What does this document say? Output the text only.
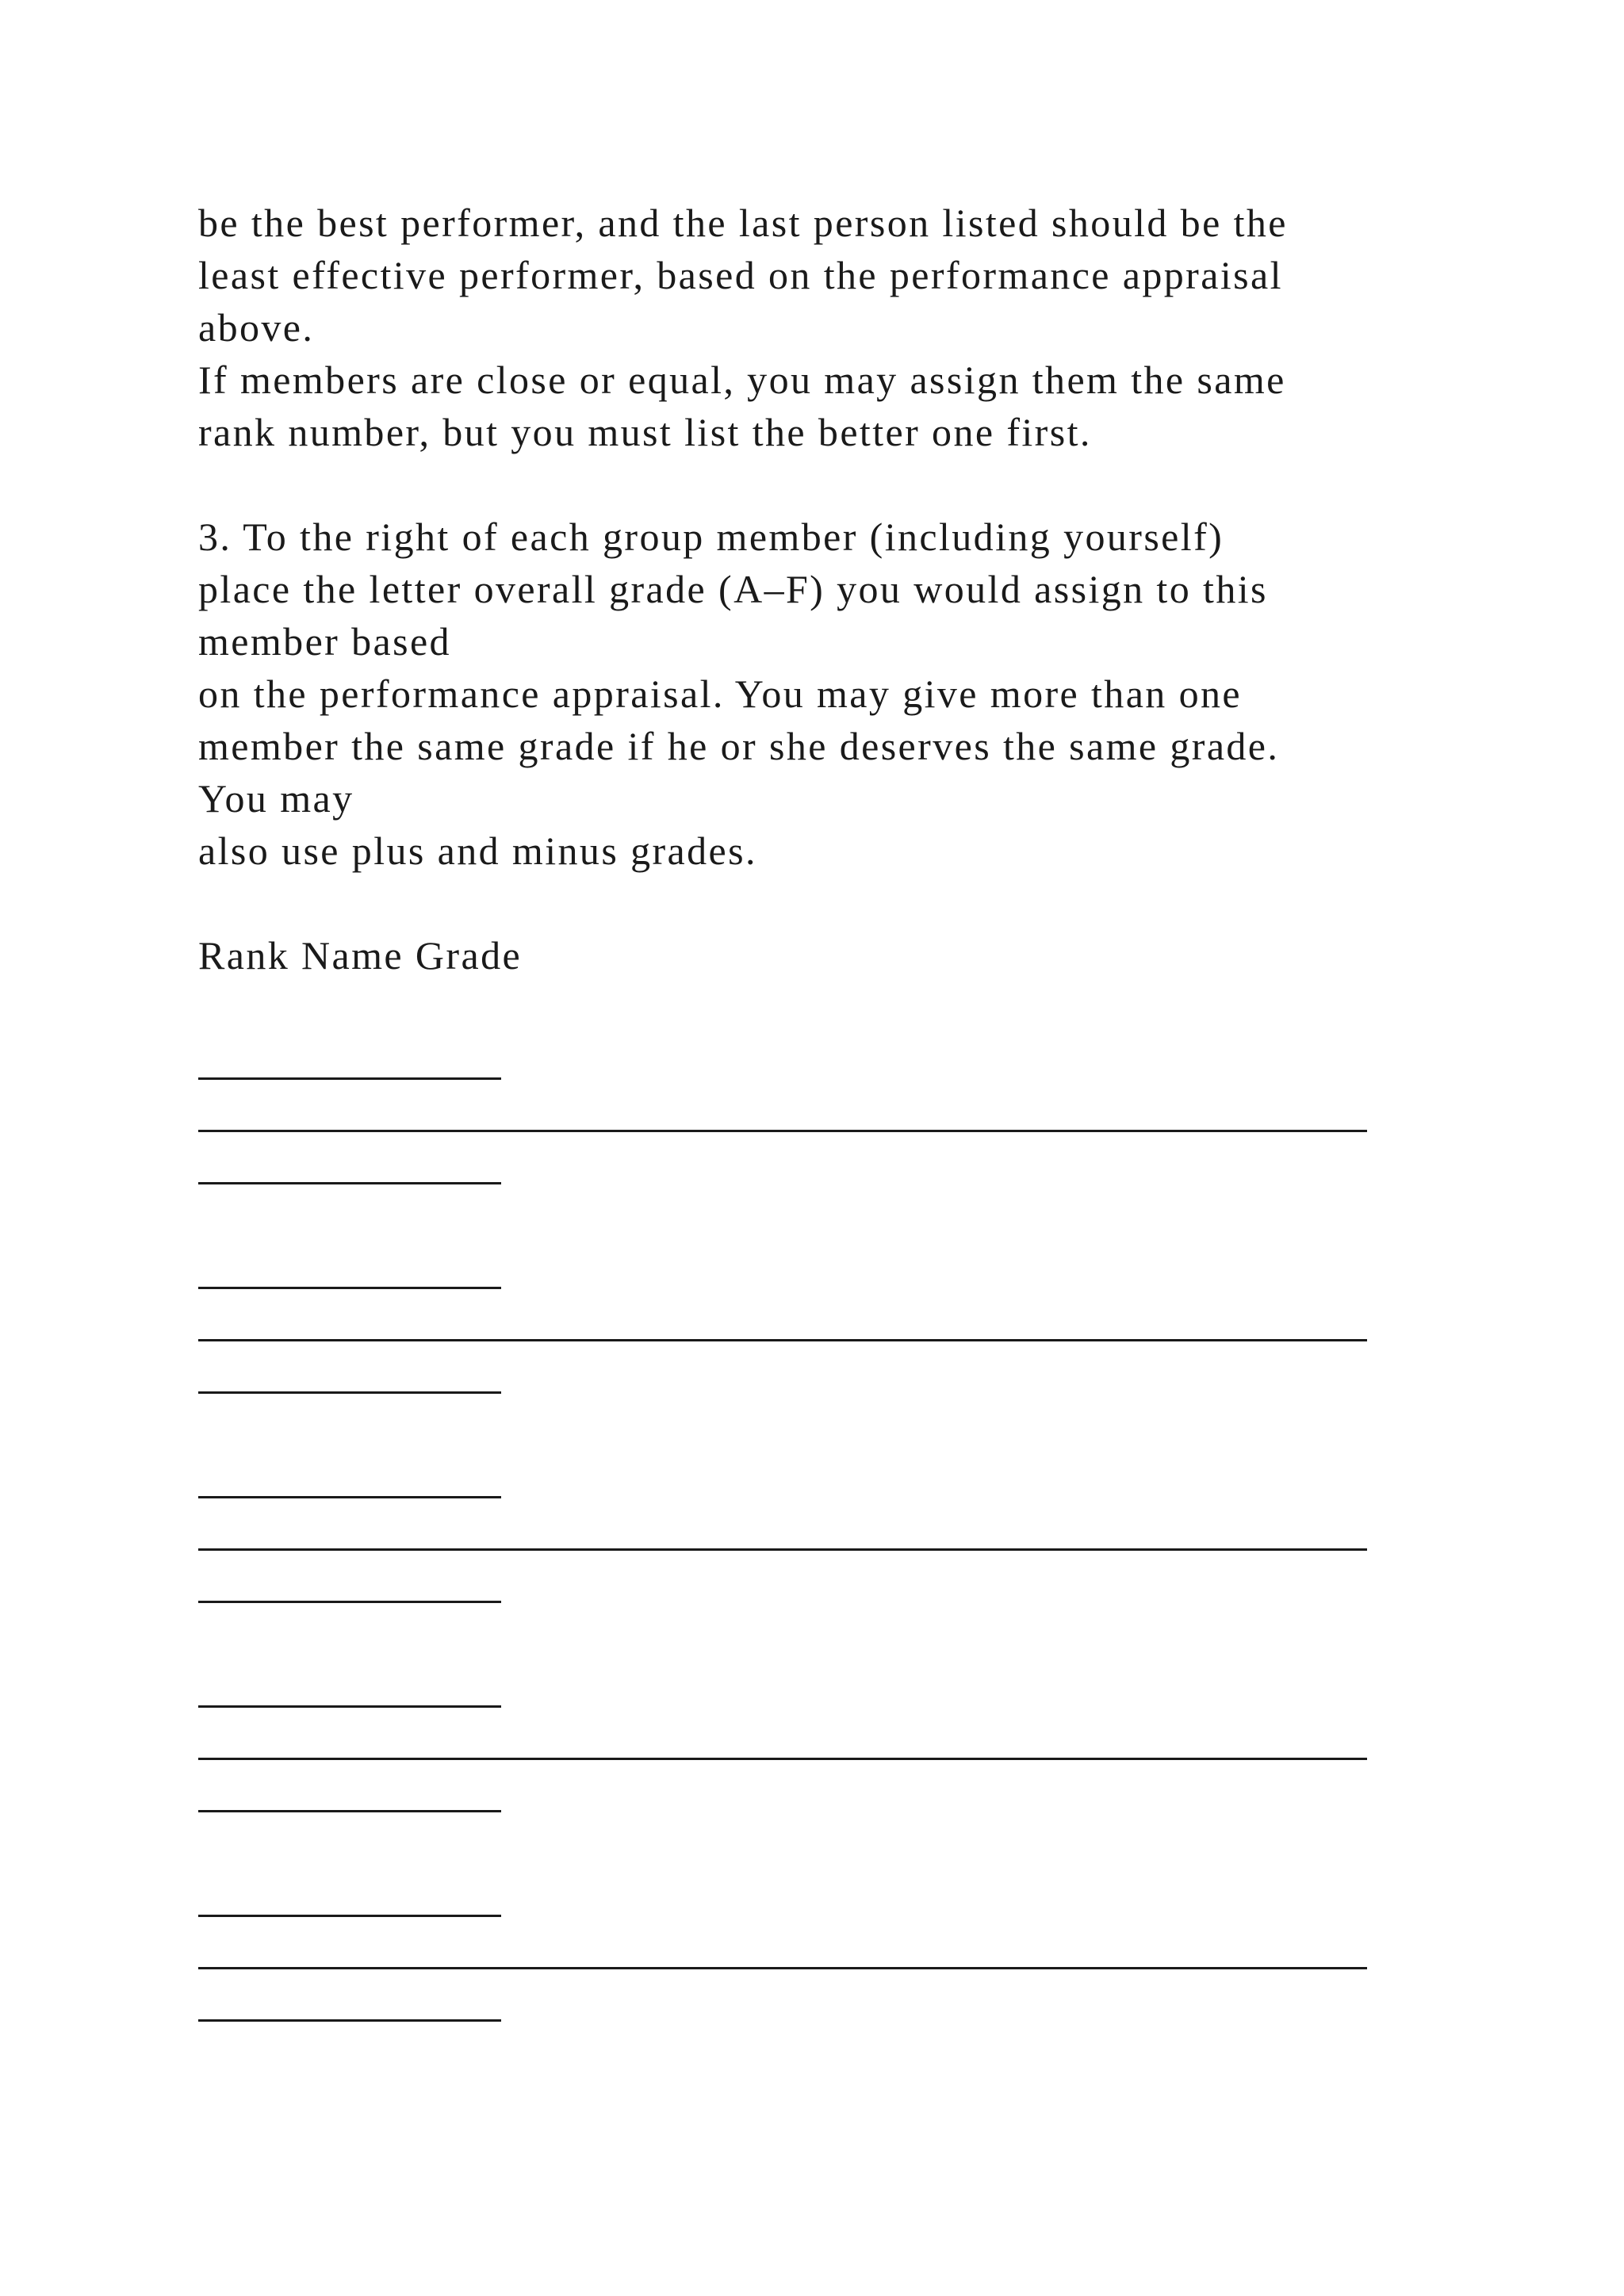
be the best performer, and the last person listed should be the
least effective performer, based on the performance appraisal
above.
If members are close or equal, you may assign them the same
rank number, but you must list the better one first.
3. To the right of each group member (including yourself)
place the letter overall grade (A–F) you would assign to this
member based
on the performance appraisal. You may give more than one
member the same grade if he or she deserves the same grade.
You may
also use plus and minus grades.
Rank Name Grade
